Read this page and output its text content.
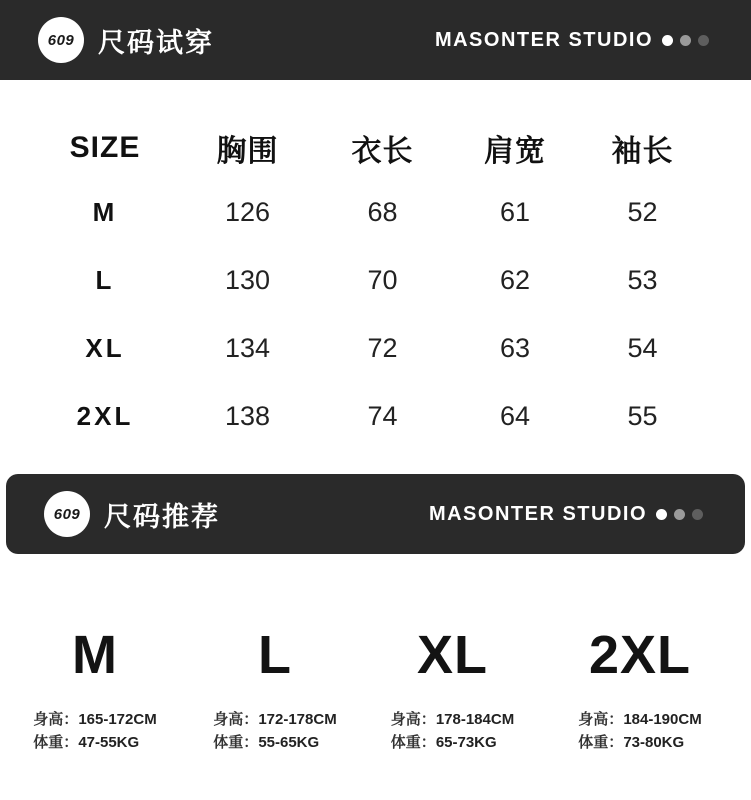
609 尺码试穿	MASONTER STUDIO
SIZE	胸围 衣长 肩宽 袖长
M	126	68	61	52
L	130	70	62	53
XL	134	72	63	54
2XL	138	74	64	55
609 尺码推荐	MASONTER STUDIO
M
身高：165-172CM
体重：47-55KG
L
身高：172-178CM
体重：55-65KG
XL
身高：178-184CM
体重：65-73KG
2XL
身高：184-190CM
体重：73-80KG
